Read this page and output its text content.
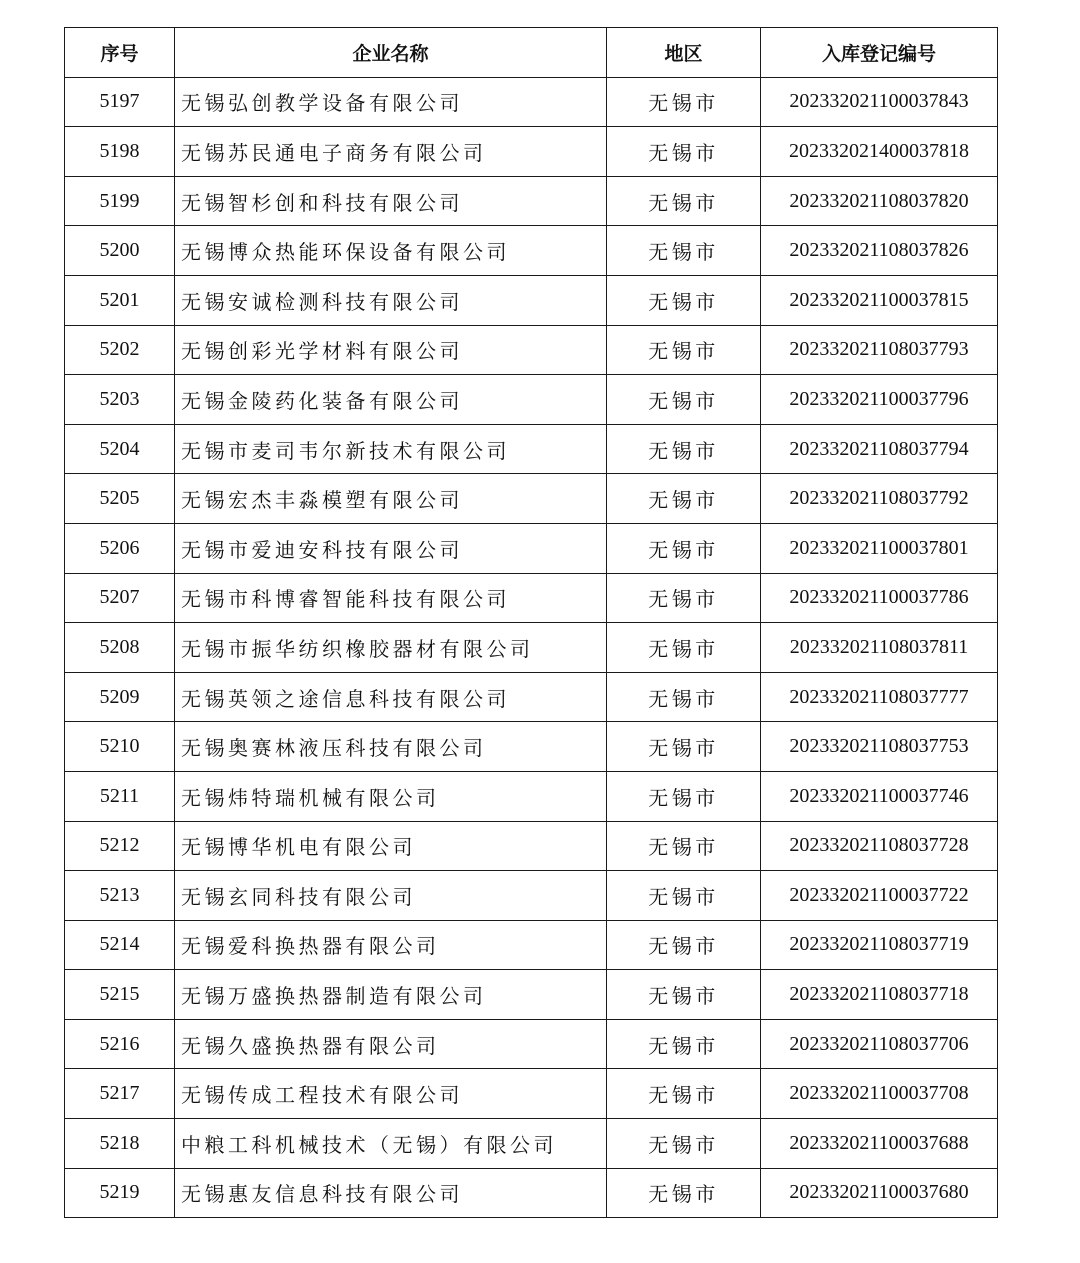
序号	企业名称	地区	入库登记编号
5197	无锡弘创教学设备有限公司	无锡市	202332021100037843
5198	无锡苏民通电子商务有限公司	无锡市	202332021400037818
5199	无锡智杉创和科技有限公司	无锡市	202332021108037820
5200	无锡博众热能环保设备有限公司	无锡市	202332021108037826
5201	无锡安诚检测科技有限公司	无锡市	202332021100037815
5202	无锡创彩光学材料有限公司	无锡市	202332021108037793
5203	无锡金陵药化装备有限公司	无锡市	202332021100037796
5204	无锡市麦司韦尔新技术有限公司	无锡市	202332021108037794
5205	无锡宏杰丰淼模塑有限公司	无锡市	202332021108037792
5206	无锡市爱迪安科技有限公司	无锡市	202332021100037801
5207	无锡市科博睿智能科技有限公司	无锡市	202332021100037786
5208	无锡市振华纺织橡胶器材有限公司	无锡市	202332021108037811
5209	无锡英领之途信息科技有限公司	无锡市	202332021108037777
5210	无锡奥赛林液压科技有限公司	无锡市	202332021108037753
5211	无锡炜特瑞机械有限公司	无锡市	202332021100037746
5212	无锡博华机电有限公司	无锡市	202332021108037728
5213	无锡玄同科技有限公司	无锡市	202332021100037722
5214	无锡爱科换热器有限公司	无锡市	202332021108037719
5215	无锡万盛换热器制造有限公司	无锡市	202332021108037718
5216	无锡久盛换热器有限公司	无锡市	202332021108037706
5217	无锡传成工程技术有限公司	无锡市	202332021100037708
5218	中粮工科机械技术（无锡）有限公司	无锡市	202332021100037688
5219	无锡惠友信息科技有限公司	无锡市	202332021100037680
